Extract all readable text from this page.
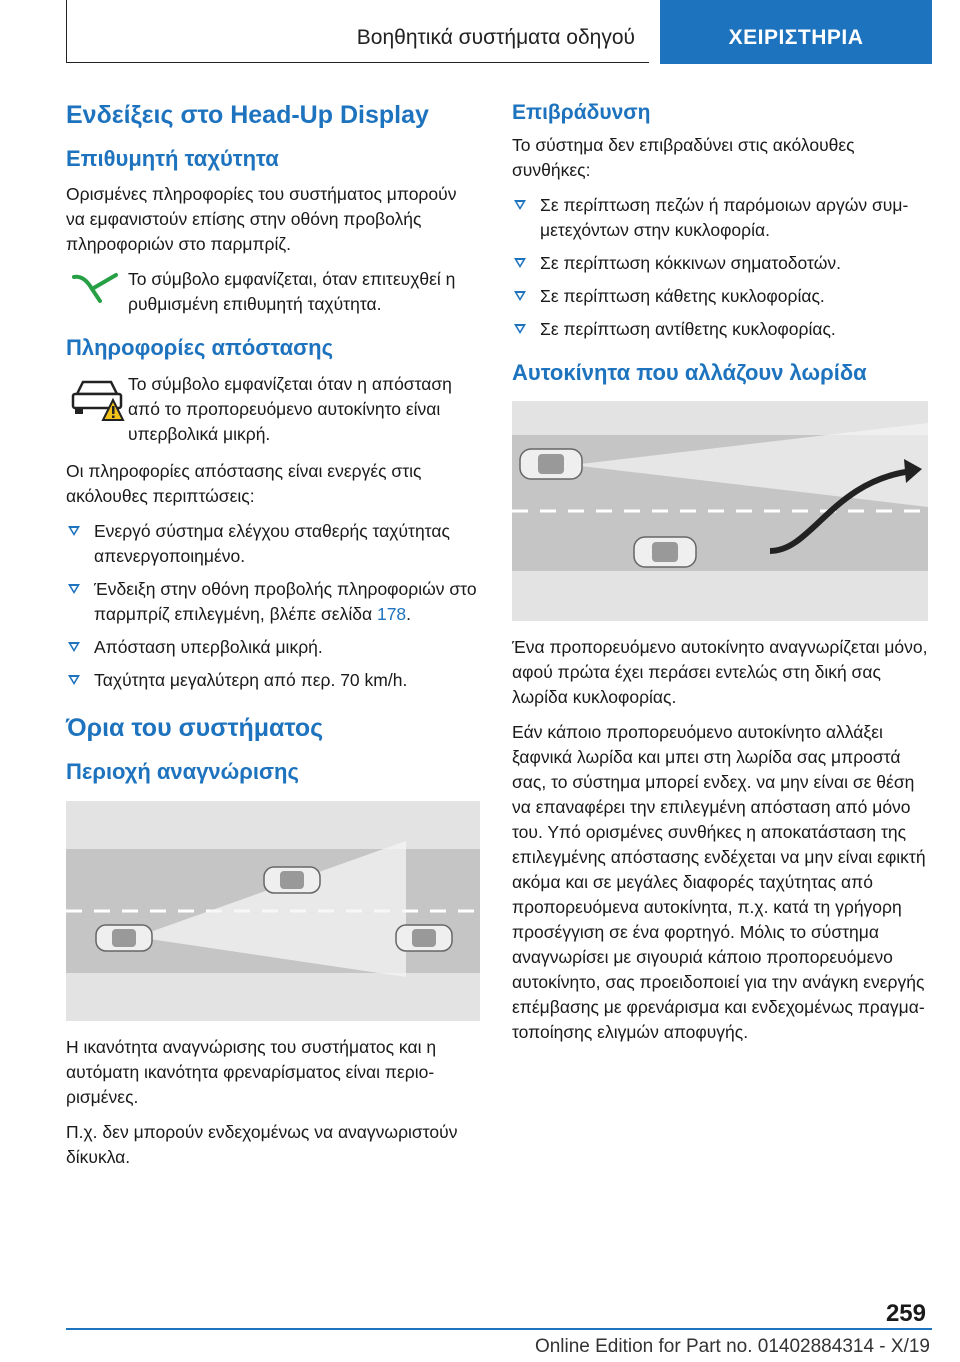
Βοηθητικά συστήματα οδηγού	ΧΕΙΡΙΣΤΗΡΙΑ
Ενδείξεις στο Head-Up Display
Επιθυμητή ταχύτητα

Ορισμένες πληροφορίες του συστήματος μπορούν να εμφανιστούν επίσης στην οθόνη προβολής πληροφοριών στο παρμπρίζ.

Το σύμβολο εμφανίζεται, όταν επιτευχθεί η ρυθμισμένη επιθυμητή ταχύτητα.
Πληροφορίες απόστασης
Το σύμβολο εμφανίζεται όταν η απόσταση από το προπορευόμενο αυτοκίνητο είναι υπερβολικά μικρή.

Οι πληροφορίες απόστασης είναι ενεργές στις ακόλουθες περιπτώσεις:

Ενεργό σύστημα ελέγχου σταθερής ταχύτητας απενεργοποιημένο.
Ένδειξη στην οθόνη προβολής πληροφοριών στο παρμπρίζ επιλεγμένη, βλέπε σελίδα 178.
Απόσταση υπερβολικά μικρή.
Ταχύτητα μεγαλύτερη από περ. 70 km/h.
Όρια του συστήματος
Περιοχή αναγνώρισης

Η ικανότητα αναγνώρισης του συστήματος και η αυτόματη ικανότητα φρεναρίσματος είναι περιορισμένες.

Π.χ. δεν μπορούν ενδεχομένως να αναγνωριστούν δίκυκλα.

Επιβράδυνση

Το σύστημα δεν επιβραδύνει στις ακόλουθες συνθήκες:

Σε περίπτωση πεζών ή παρόμοιων αργών συμμετεχόντων στην κυκλοφορία.
Σε περίπτωση κόκκινων σηματοδοτών.
Σε περίπτωση κάθετης κυκλοφορίας.
Σε περίπτωση αντίθετης κυκλοφορίας.
Αυτοκίνητα που αλλάζουν λωρίδα

Ένα προπορευόμενο αυτοκίνητο αναγνωρίζεται μόνο, αφού πρώτα έχει περάσει εντελώς στη δική σας λωρίδα κυκλοφορίας.

Εάν κάποιο προπορευόμενο αυτοκίνητο αλλάξει ξαφνικά λωρίδα και μπει στη λωρίδα σας μπροστά σας, το σύστημα μπορεί ενδεχ. να μην είναι σε θέση να επαναφέρει την επιλεγμένη απόσταση από μόνο του. Υπό ορισμένες συνθήκες η αποκατάσταση της επιλεγμένης απόστασης ενδέχεται να μην είναι εφικτή ακόμα και σε μεγάλες διαφορές ταχύτητας από προπορευόμενα αυτοκίνητα, π.χ. κατά τη γρήγορη προσέγγιση σε ένα φορτηγό. Μόλις το σύστημα αναγνωρίσει με σιγουριά κάποιο προπορευόμενο αυτοκίνητο, σας προειδοποιεί για την ανάγκη ενεργής επέμβασης με φρενάρισμα και ενδεχομένως πραγματοποίησης ελιγμών αποφυγής.

259
Online Edition for Part no. 01402884314 - X/19
